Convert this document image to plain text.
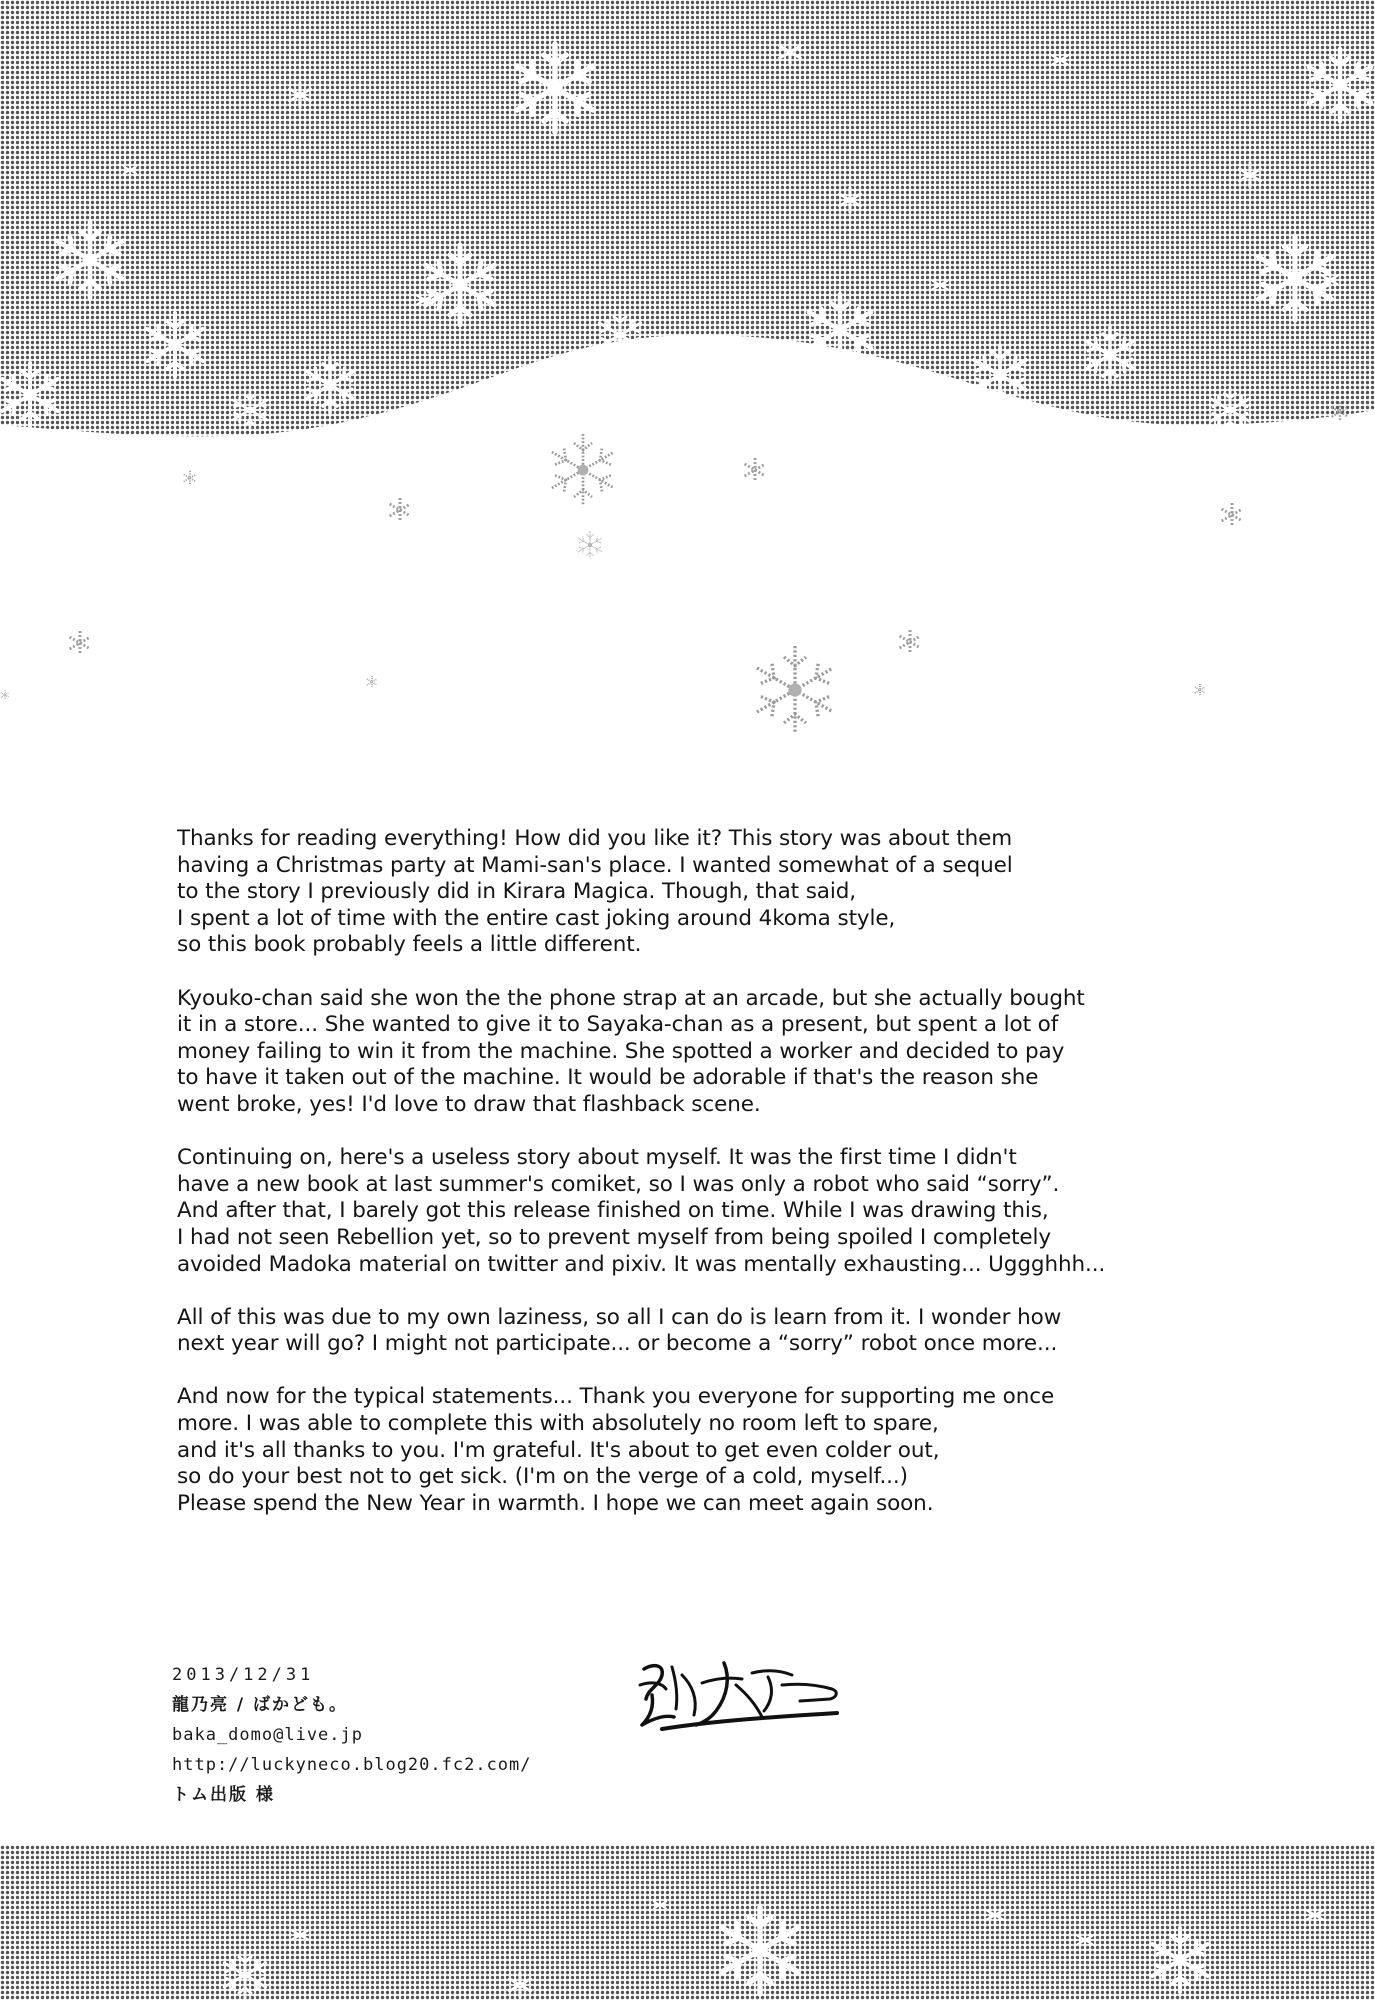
Thanks for reading everything! How did you like it? This story was about them
having a Christmas party at Mami-san's place. I wanted somewhat of a sequel
to the story I previously did in Kirara Magica. Though, that said,
I spent a lot of time with the entire cast joking around 4koma style,
so this book probably feels a little different.

Kyouko-chan said she won the the phone strap at an arcade, but she actually bought
it in a store... She wanted to give it to Sayaka-chan as a present, but spent a lot of
money failing to win it from the machine. She spotted a worker and decided to pay
to have it taken out of the machine. It would be adorable if that's the reason she
went broke, yes! I'd love to draw that flashback scene.

Continuing on, here's a useless story about myself. It was the first time I didn't
have a new book at last summer's comiket, so I was only a robot who said “sorry”.
And after that, I barely got this release finished on time. While I was drawing this,
I had not seen Rebellion yet, so to prevent myself from being spoiled I completely
avoided Madoka material on twitter and pixiv. It was mentally exhausting... Uggghhh...

All of this was due to my own laziness, so all I can do is learn from it. I wonder how
next year will go? I might not participate... or become a “sorry” robot once more...

And now for the typical statements... Thank you everyone for supporting me once
more. I was able to complete this with absolutely no room left to spare,
and it's all thanks to you. I'm grateful. It's about to get even colder out,
so do your best not to get sick. (I'm on the verge of a cold, myself...)
Please spend the New Year in warmth. I hope we can meet again soon.

2013/12/31
龍乃亮 / ばかども。
baka_domo@live.jp
http://luckyneco.blog20.fc2.com/
トム出版 様
